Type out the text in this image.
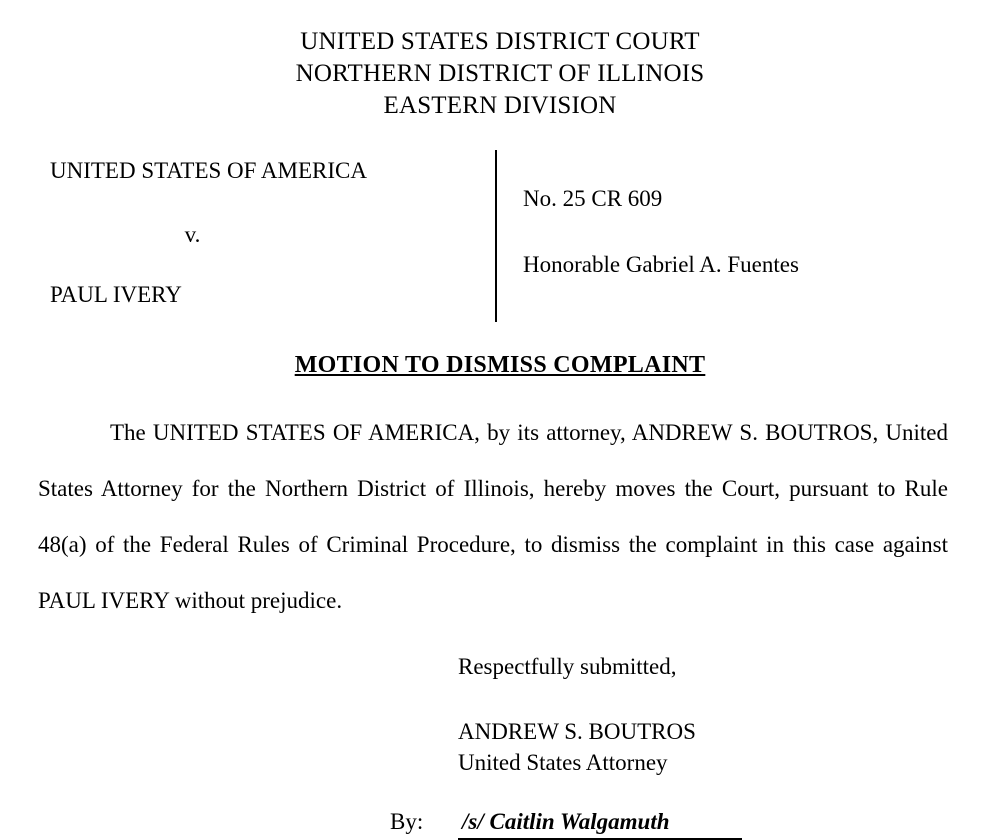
UNITED STATES DISTRICT COURT
NORTHERN DISTRICT OF ILLINOIS
EASTERN DIVISION
UNITED STATES OF AMERICA
v.
PAUL IVERY
No. 25 CR 609
Honorable Gabriel A. Fuentes
MOTION TO DISMISS COMPLAINT
The UNITED STATES OF AMERICA, by its attorney, ANDREW S. BOUTROS, United States Attorney for the Northern District of Illinois, hereby moves the Court, pursuant to Rule 48(a) of the Federal Rules of Criminal Procedure, to dismiss the complaint in this case against PAUL IVERY without prejudice.
Respectfully submitted,
ANDREW S. BOUTROS
United States Attorney
By:	/s/ Caitlin Walgamuth
